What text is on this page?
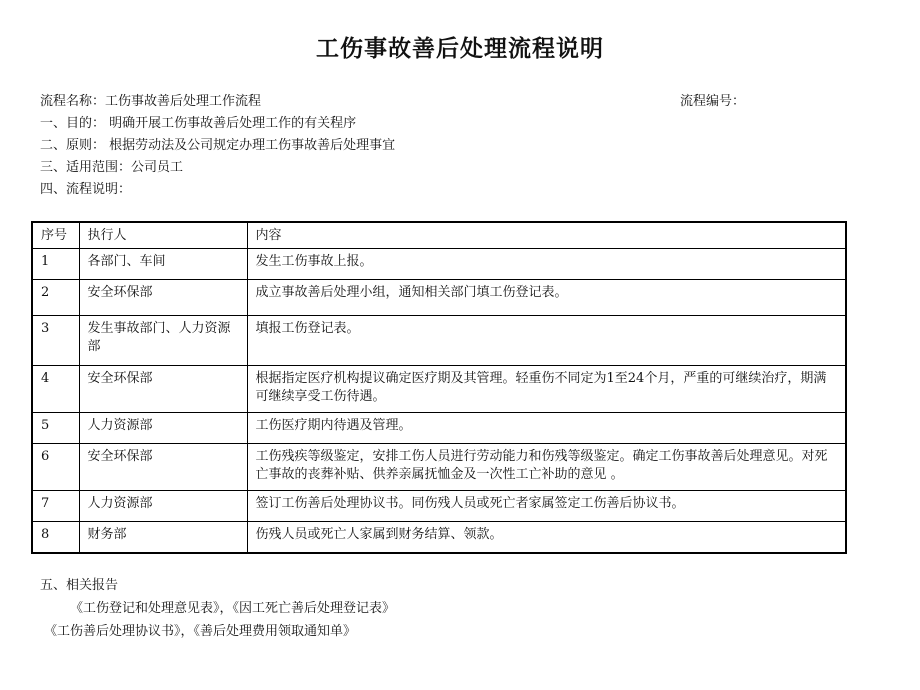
工伤事故善后处理流程说明
流程名称：工伤事故善后处理工作流程	流程编号：
一、目的： 明确开展工伤事故善后处理工作的有关程序
二、原则： 根据劳动法及公司规定办理工伤事故善后处理事宜
三、适用范围：公司员工
四、流程说明：
序号	执行人	内容
1	各部门、车间	发生工伤事故上报。
2	安全环保部	成立事故善后处理小组，通知相关部门填工伤登记表。
3	发生事故部门、人力资源部	填报工伤登记表。
4	安全环保部	根据指定医疗机构提议确定医疗期及其管理。轻重伤不同定为1至24个月，严重的可继续治疗，期满可继续享受工伤待遇。
5	人力资源部	工伤医疗期内待遇及管理。
6	安全环保部	工伤残疾等级鉴定，安排工伤人员进行劳动能力和伤残等级鉴定。确定工伤事故善后处理意见。对死亡事故的丧葬补贴、供养亲属抚恤金及一次性工亡补助的意见 。
7	人力资源部	签订工伤善后处理协议书。同伤残人员或死亡者家属签定工伤善后协议书。
8	财务部	伤残人员或死亡人家属到财务结算、领款。
五、相关报告
《工伤登记和处理意见表》，《因工死亡善后处理登记表》
《工伤善后处理协议书》，《善后处理费用领取通知单》
